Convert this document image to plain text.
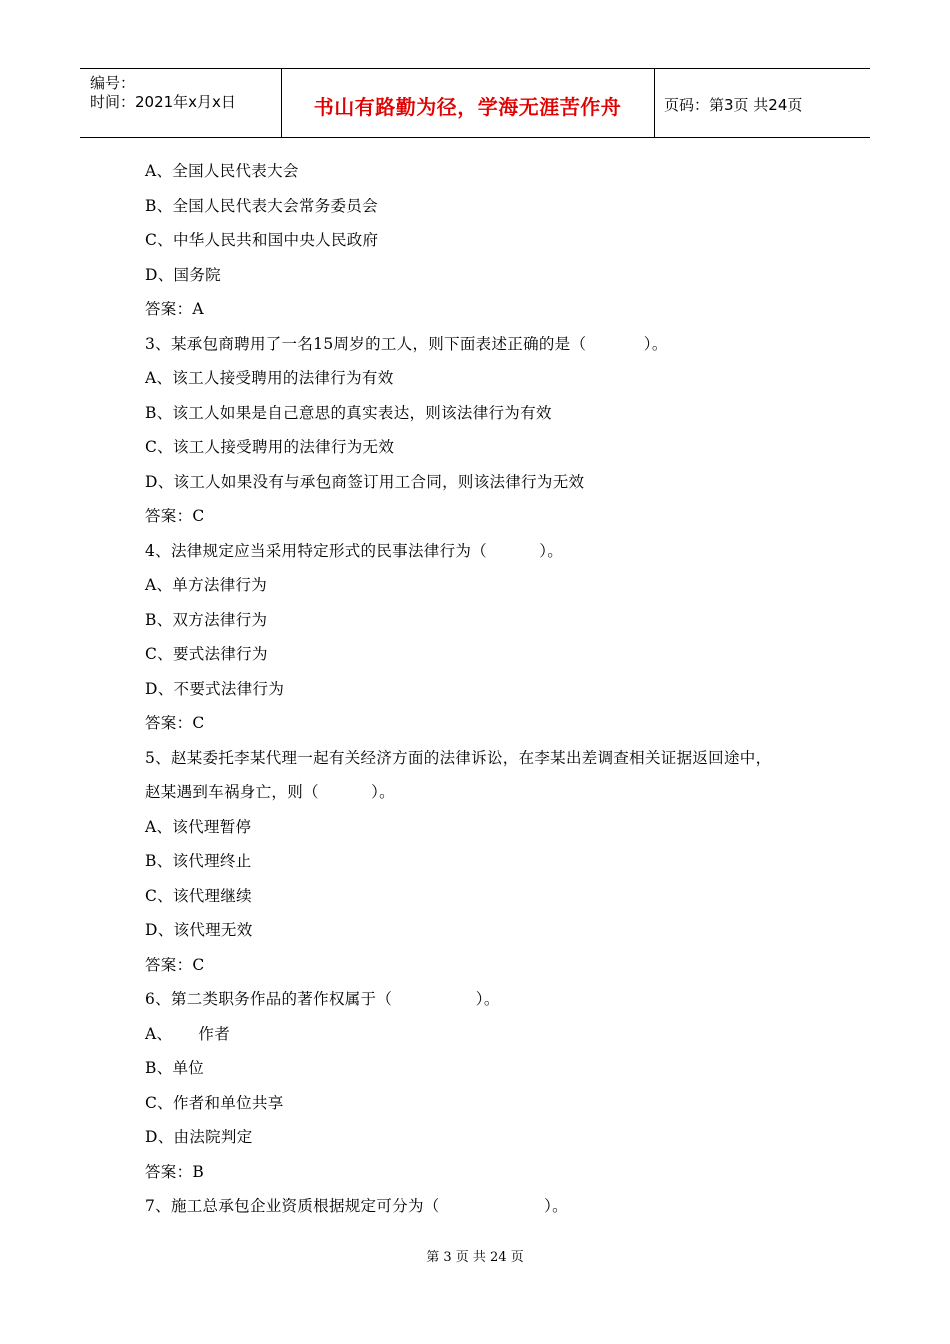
编号：
时间：2021年x月x日	书山有路勤为径，学海无涯苦作舟	页码：第3页 共24页
A、全国人民代表大会
B、全国人民代表大会常务委员会
C、中华人民共和国中央人民政府
D、国务院
答案：A
3、某承包商聘用了一名15周岁的工人，则下面表述正确的是（           ）。
A、该工人接受聘用的法律行为有效
B、该工人如果是自己意思的真实表达，则该法律行为有效
C、该工人接受聘用的法律行为无效
D、该工人如果没有与承包商签订用工合同，则该法律行为无效
答案：C
4、法律规定应当采用特定形式的民事法律行为（          ）。
A、单方法律行为
B、双方法律行为
C、要式法律行为
D、不要式法律行为
答案：C
5、赵某委托李某代理一起有关经济方面的法律诉讼，在李某出差调查相关证据返回途中，
赵某遇到车祸身亡，则（          ）。
A、该代理暂停
B、该代理终止
C、该代理继续
D、该代理无效
答案：C
6、第二类职务作品的著作权属于（                ）。
A、     作者
B、单位
C、作者和单位共享
D、由法院判定
答案：B
7、施工总承包企业资质根据规定可分为（                    ）。
第 3 页 共 24 页
